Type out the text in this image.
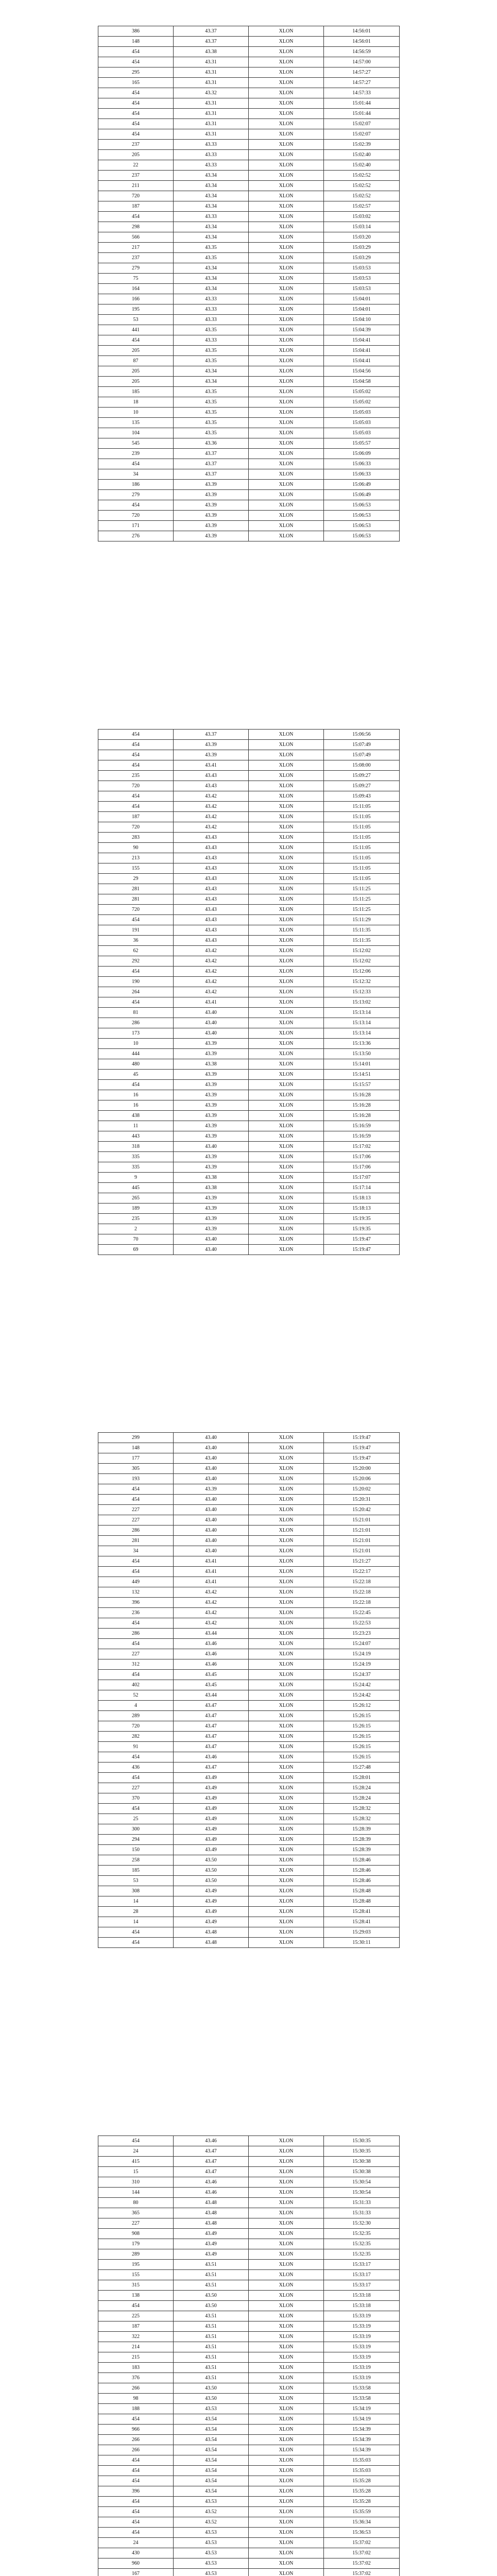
386	43.37	XLON	14:56:01
148	43.37	XLON	14:56:01
454	43.38	XLON	14:56:59
454	43.31	XLON	14:57:00
295	43.31	XLON	14:57:27
165	43.31	XLON	14:57:27
454	43.32	XLON	14:57:33
454	43.31	XLON	15:01:44
454	43.31	XLON	15:01:44
454	43.31	XLON	15:02:07
454	43.31	XLON	15:02:07
237	43.33	XLON	15:02:39
205	43.33	XLON	15:02:40
22	43.33	XLON	15:02:40
237	43.34	XLON	15:02:52
211	43.34	XLON	15:02:52
720	43.34	XLON	15:02:52
187	43.34	XLON	15:02:57
454	43.33	XLON	15:03:02
298	43.34	XLON	15:03:14
566	43.34	XLON	15:03:20
217	43.35	XLON	15:03:29
237	43.35	XLON	15:03:29
279	43.34	XLON	15:03:53
75	43.34	XLON	15:03:53
164	43.34	XLON	15:03:53
166	43.33	XLON	15:04:01
195	43.33	XLON	15:04:01
53	43.33	XLON	15:04:10
441	43.35	XLON	15:04:39
454	43.33	XLON	15:04:41
205	43.35	XLON	15:04:41
87	43.35	XLON	15:04:41
205	43.34	XLON	15:04:56
205	43.34	XLON	15:04:58
185	43.35	XLON	15:05:02
18	43.35	XLON	15:05:02
10	43.35	XLON	15:05:03
135	43.35	XLON	15:05:03
104	43.35	XLON	15:05:03
545	43.36	XLON	15:05:57
239	43.37	XLON	15:06:09
454	43.37	XLON	15:06:33
34	43.37	XLON	15:06:33
186	43.39	XLON	15:06:49
279	43.39	XLON	15:06:49
454	43.39	XLON	15:06:53
720	43.39	XLON	15:06:53
171	43.39	XLON	15:06:53
276	43.39	XLON	15:06:53
454	43.37	XLON	15:06:56
454	43.39	XLON	15:07:49
454	43.39	XLON	15:07:49
454	43.41	XLON	15:08:00
235	43.43	XLON	15:09:27
720	43.43	XLON	15:09:27
454	43.42	XLON	15:09:43
454	43.42	XLON	15:11:05
187	43.42	XLON	15:11:05
720	43.42	XLON	15:11:05
283	43.43	XLON	15:11:05
90	43.43	XLON	15:11:05
213	43.43	XLON	15:11:05
155	43.43	XLON	15:11:05
29	43.43	XLON	15:11:05
281	43.43	XLON	15:11:25
281	43.43	XLON	15:11:25
720	43.43	XLON	15:11:25
454	43.43	XLON	15:11:29
191	43.43	XLON	15:11:35
36	43.43	XLON	15:11:35
62	43.42	XLON	15:12:02
292	43.42	XLON	15:12:02
454	43.42	XLON	15:12:06
190	43.42	XLON	15:12:32
264	43.42	XLON	15:12:33
454	43.41	XLON	15:13:02
81	43.40	XLON	15:13:14
286	43.40	XLON	15:13:14
173	43.40	XLON	15:13:14
10	43.39	XLON	15:13:36
444	43.39	XLON	15:13:50
480	43.38	XLON	15:14:01
45	43.39	XLON	15:14:51
454	43.39	XLON	15:15:57
16	43.39	XLON	15:16:28
16	43.39	XLON	15:16:28
438	43.39	XLON	15:16:28
11	43.39	XLON	15:16:59
443	43.39	XLON	15:16:59
318	43.40	XLON	15:17:02
335	43.39	XLON	15:17:06
335	43.39	XLON	15:17:06
9	43.38	XLON	15:17:07
445	43.38	XLON	15:17:14
265	43.39	XLON	15:18:13
189	43.39	XLON	15:18:13
235	43.39	XLON	15:19:35
2	43.39	XLON	15:19:35
70	43.40	XLON	15:19:47
69	43.40	XLON	15:19:47
299	43.40	XLON	15:19:47
148	43.40	XLON	15:19:47
177	43.40	XLON	15:19:47
305	43.40	XLON	15:20:00
193	43.40	XLON	15:20:06
454	43.39	XLON	15:20:02
454	43.40	XLON	15:20:31
227	43.40	XLON	15:20:42
227	43.40	XLON	15:21:01
286	43.40	XLON	15:21:01
281	43.40	XLON	15:21:01
34	43.40	XLON	15:21:01
454	43.41	XLON	15:21:27
454	43.41	XLON	15:22:17
449	43.41	XLON	15:22:18
132	43.42	XLON	15:22:18
396	43.42	XLON	15:22:18
236	43.42	XLON	15:22:45
454	43.42	XLON	15:22:53
286	43.44	XLON	15:23:23
454	43.46	XLON	15:24:07
227	43.46	XLON	15:24:19
312	43.46	XLON	15:24:19
454	43.45	XLON	15:24:37
402	43.45	XLON	15:24:42
52	43.44	XLON	15:24:42
4	43.47	XLON	15:26:12
289	43.47	XLON	15:26:15
720	43.47	XLON	15:26:15
282	43.47	XLON	15:26:15
91	43.47	XLON	15:26:15
454	43.46	XLON	15:26:15
436	43.47	XLON	15:27:48
454	43.49	XLON	15:28:01
227	43.49	XLON	15:28:24
370	43.49	XLON	15:28:24
454	43.49	XLON	15:28:32
25	43.49	XLON	15:28:32
300	43.49	XLON	15:28:39
294	43.49	XLON	15:28:39
150	43.49	XLON	15:28:39
258	43.50	XLON	15:28:46
185	43.50	XLON	15:28:46
53	43.50	XLON	15:28:46
308	43.49	XLON	15:28:48
14	43.49	XLON	15:28:48
28	43.49	XLON	15:28:41
14	43.49	XLON	15:28:41
454	43.48	XLON	15:29:03
454	43.48	XLON	15:30:11
454	43.46	XLON	15:30:35
24	43.47	XLON	15:30:35
415	43.47	XLON	15:30:38
15	43.47	XLON	15:30:38
310	43.46	XLON	15:30:54
144	43.46	XLON	15:30:54
80	43.48	XLON	15:31:33
365	43.48	XLON	15:31:33
227	43.48	XLON	15:32:30
908	43.49	XLON	15:32:35
179	43.49	XLON	15:32:35
289	43.49	XLON	15:32:35
195	43.51	XLON	15:33:17
155	43.51	XLON	15:33:17
315	43.51	XLON	15:33:17
138	43.50	XLON	15:33:18
454	43.50	XLON	15:33:18
225	43.51	XLON	15:33:19
187	43.51	XLON	15:33:19
322	43.51	XLON	15:33:19
214	43.51	XLON	15:33:19
215	43.51	XLON	15:33:19
183	43.51	XLON	15:33:19
376	43.51	XLON	15:33:19
266	43.50	XLON	15:33:58
98	43.50	XLON	15:33:58
188	43.53	XLON	15:34:19
454	43.54	XLON	15:34:19
966	43.54	XLON	15:34:39
266	43.54	XLON	15:34:39
266	43.54	XLON	15:34:39
454	43.54	XLON	15:35:03
454	43.54	XLON	15:35:03
454	43.54	XLON	15:35:28
396	43.54	XLON	15:35:28
454	43.53	XLON	15:35:28
454	43.52	XLON	15:35:59
454	43.52	XLON	15:36:34
454	43.53	XLON	15:36:53
24	43.53	XLON	15:37:02
430	43.53	XLON	15:37:02
960	43.53	XLON	15:37:02
167	43.53	XLON	15:37:02
